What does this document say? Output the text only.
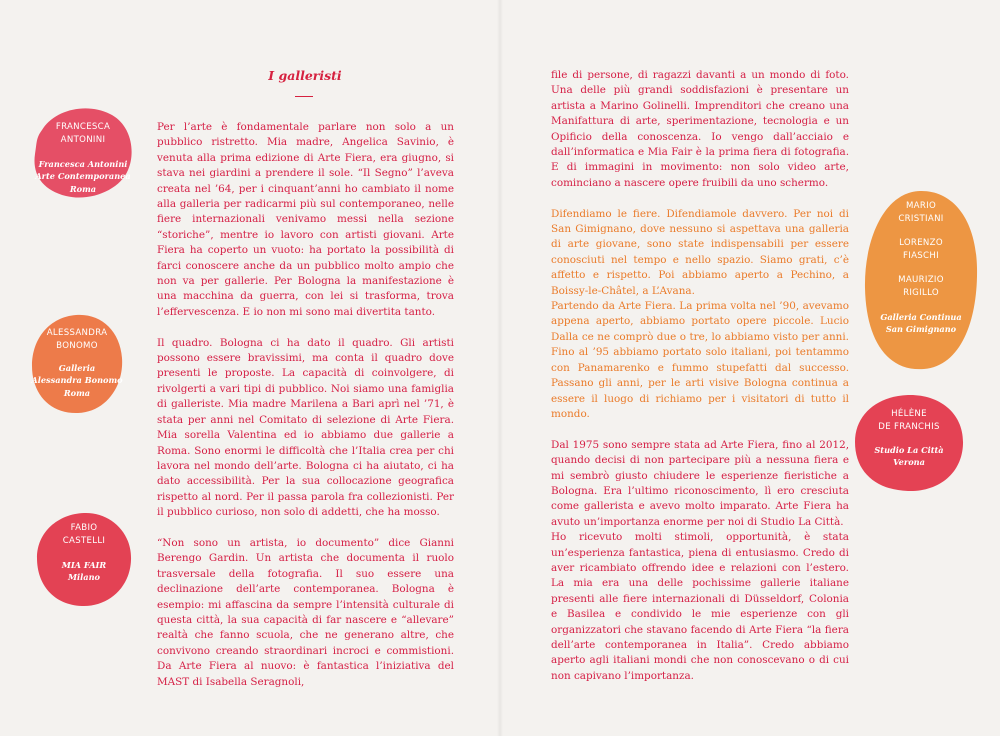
I galleristi

Per l’arte è fondamentale parlare non solo a un pubblico ristretto. Mia madre, Angelica Savinio, è venuta alla prima edizione di Arte Fiera, era giugno, si stava nei giardini a prendere il sole. “Il Segno” l’aveva creata nel ’64, per i cinquant’anni ho cambiato il nome alla galleria per radicarmi più sul contemporaneo, nelle fiere internazionali venivamo messi nella sezione “storiche”, mentre io lavoro con artisti giovani. Arte Fiera ha coperto un vuoto: ha portato la possibilità di farci conoscere anche da un pubblico molto ampio che non va per gallerie. Per Bologna la manifestazione è una macchina da guerra, con lei si trasforma, trova l’effervescenza. E io non mi sono mai divertita tanto.

Il quadro. Bologna ci ha dato il quadro. Gli artisti possono essere bravissimi, ma conta il quadro dove presenti le proposte. La capacità di coinvolgere, di rivolgerti a vari tipi di pubblico. Noi siamo una famiglia di galleriste. Mia madre Marilena a Bari aprì nel ’71, è stata per anni nel Comitato di selezione di Arte Fiera. Mia sorella Valentina ed io abbiamo due gallerie a Roma. Sono enormi le difficoltà che l’Italia crea per chi lavora nel mondo dell’arte. Bologna ci ha aiutato, ci ha dato accessibilità. Per la sua collocazione geografica rispetto al nord. Per il passa parola fra collezionisti. Per il pubblico curioso, non solo di addetti, che ha mosso.

“Non sono un artista, io documento” dice Gianni Berengo Gardin. Un artista che documenta il ruolo trasversale della fotografia. Il suo essere una declinazione dell’arte contemporanea. Bologna è esempio: mi affascina da sempre l’intensità culturale di questa città, la sua capacità di far nascere e “allevare” realtà che fanno scuola, che ne generano altre, che convivono creando straordinari incroci e commistioni. Da Arte Fiera al nuovo: è fantastica l’iniziativa del MAST di Isabella Seragnoli,

FRANCESCA
ANTONINI
Francesca Antonini
Arte Contemporanea
Roma
ALESSANDRA
BONOMO
Galleria
Alessandra Bonomo
Roma
FABIO
CASTELLI
MIA FAIR
Milano

file di persone, di ragazzi davanti a un mondo di foto. Una delle più grandi soddisfazioni è presentare un artista a Marino Golinelli. Imprenditori che creano una Manifattura di arte, sperimentazione, tecnologia e un Opificio della conoscenza. Io vengo dall’acciaio e dall’informatica e Mia Fair è la prima fiera di fotografia. E di immagini in movimento: non solo video arte, cominciano a nascere opere fruibili da uno schermo.

Difendiamo le fiere. Difendiamole davvero. Per noi di San Gimignano, dove nessuno si aspettava una galleria di arte giovane, sono state indispensabili per essere conosciuti nel tempo e nello spazio. Siamo grati, c’è affetto e rispetto. Poi abbiamo aperto a Pechino, a Boissy-le-Châtel, a L’Avana.

Partendo da Arte Fiera. La prima volta nel ’90, avevamo appena aperto, abbiamo portato opere piccole. Lucio Dalla ce ne comprò due o tre, lo abbiamo visto per anni. Fino al ’95 abbiamo portato solo italiani, poi tentammo con Panamarenko e fummo stupefatti dal successo. Passano gli anni, per le arti visive Bologna continua a essere il luogo di richiamo per i visitatori di tutto il mondo.

Dal 1975 sono sempre stata ad Arte Fiera, fino al 2012, quando decisi di non partecipare più a nessuna fiera e mi sembrò giusto chiudere le esperienze fieristiche a Bologna. Era l’ultimo riconoscimento, lì ero cresciuta come gallerista e avevo molto imparato. Arte Fiera ha avuto un’importanza enorme per noi di Studio La Città.

Ho ricevuto molti stimoli, opportunità, è stata un’esperienza fantastica, piena di entusiasmo. Credo di aver ricambiato offrendo idee e relazioni con l’estero. La mia era una delle pochissime gallerie italiane presenti alle fiere internazionali di Düsseldorf, Colonia e Basilea e condivido le mie esperienze con gli organizzatori che stavano facendo di Arte Fiera “la fiera dell’arte contemporanea in Italia”. Credo abbiamo aperto agli italiani mondi che non conoscevano o di cui non capivano l’importanza.

MARIO
CRISTIANI
LORENZO
FIASCHI
MAURIZIO
RIGILLO
Galleria Continua
San Gimignano
HÉLÈNE
DE FRANCHIS
Studio La Città
Verona
